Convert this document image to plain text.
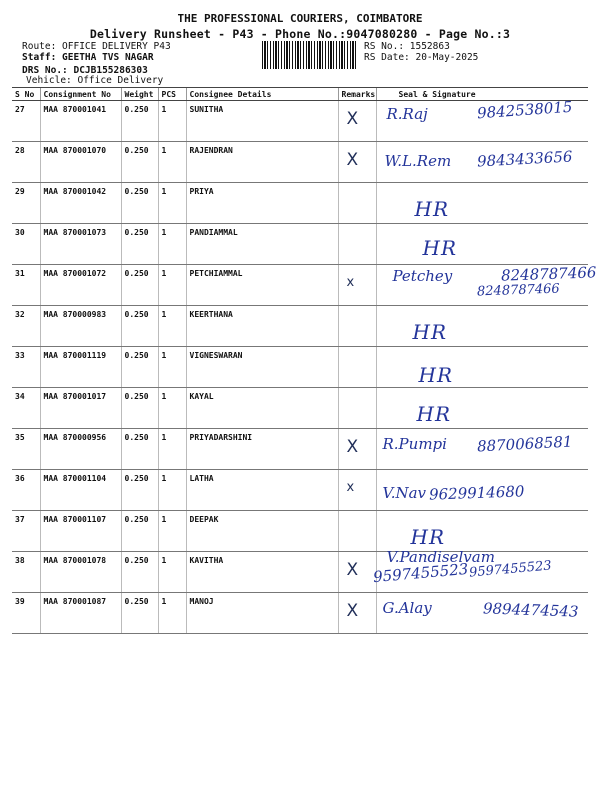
THE PROFESSIONAL COURIERS, COIMBATORE
Delivery Runsheet - P43 - Phone No.:9047080280 - Page No.:3
Route: OFFICE DELIVERY P43
Staff: GEETHA TVS NAGAR
DRS No.: DCJB155286303
Vehicle: Office Delivery
RS No.: 1552863
RS Date: 20-May-2025
S No	Consignment No	Weight	PCS	Consignee Details	Remarks	Seal & Signature
27	MAA 870001041	0.250	1	SUNITHA	X	R.Raj 9842538015

28	MAA 870001070	0.250	1	RAJENDRAN	X	W.L.Rem 9843433656

29	MAA 870001042	0.250	1	PRIYA		HR

30	MAA 870001073	0.250	1	PANDIAMMAL		HR

31	MAA 870001072	0.250	1	PETCHIAMMAL	x	Petchey 8248787466
8248787466

32	MAA 870000983	0.250	1	KEERTHANA		HR

33	MAA 870001119	0.250	1	VIGNESWARAN		HR

34	MAA 870001017	0.250	1	KAYAL		HR

35	MAA 870000956	0.250	1	PRIYADARSHINI	X	R.Pumpi 8870068581

36	MAA 870001104	0.250	1	LATHA	x	V.Nav 9629914680

37	MAA 870001107	0.250	1	DEEPAK		HR

38	MAA 870001078	0.250	1	KAVITHA	X	V.Pandiselvam
9597455523 9597455523

39	MAA 870001087	0.250	1	MANOJ	X	G.Alay 9894474543
